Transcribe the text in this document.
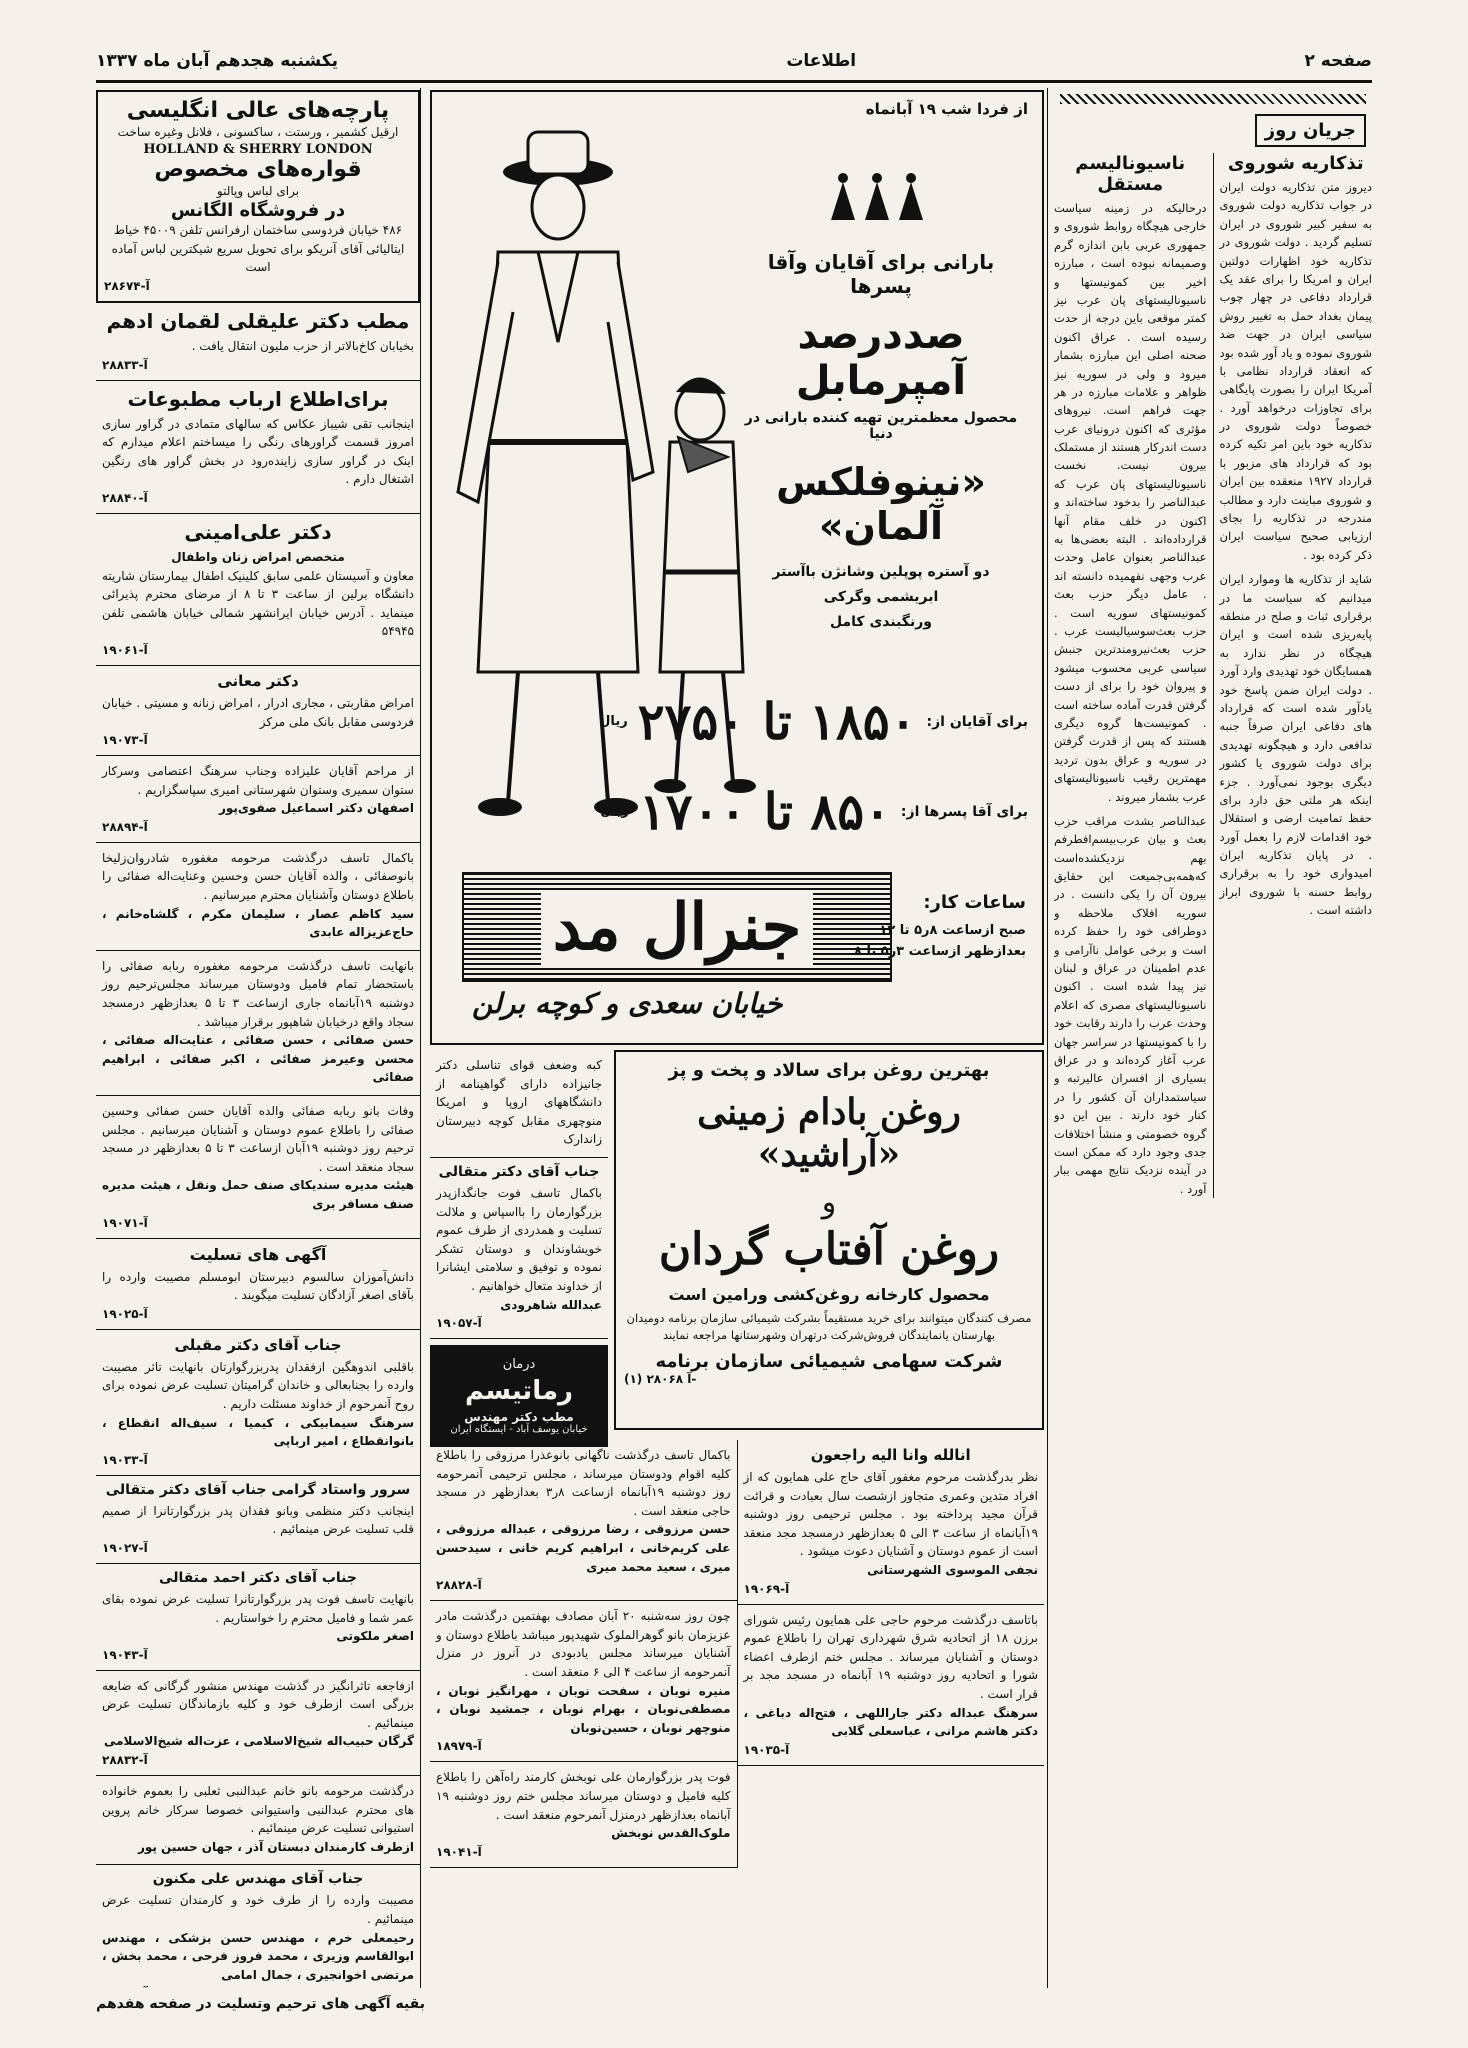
صفحه ۲
اطلاعات
یکشنبه هجدهم آبان ماه ۱۳۳۷
جریان روز
تذکاریه شوروی

دیروز متن تذکاریه دولت ایران در جواب تذکاریه دولت شوروی به سفیر کبیر شوروی در ایران تسلیم گردید . دولت شوروی در تذکاریه خود اظهارات دولتین ایران و امریکا را برای عقد یک قرارداد دفاعی در چهار چوب پیمان بغداد حمل به تغییر روش سیاسی ایران در جهت ضد شوروی نموده و یاد آور شده بود که انعقاد قرارداد نظامی با آمریکا ایران را بصورت پایگاهی برای تجاوزات درخواهد آورد . خصوصاً دولت شوروی در تذکاریه خود باین امر تکیه کرده بود که قرارداد های مزبور با قرارداد ۱۹۲۷ منعقده بین ایران و شوروی مباینت دارد و مطالب مندرجه در تذکاریه را بجای ارزیابی صحیح سیاست ایران ذکر کرده بود .

شاید از تذکاریه ها وموارد ایران میدانیم که سیاست ما در برقراری ثبات و صلح در منطقه پایه‌ریزی شده است و ایران هیچگاه در نظر ندارد به همسایگان خود تهدیدی وارد آورد . دولت ایران ضمن پاسخ خود یادآور شده است که قرارداد های دفاعی ایران صرفاً جنبه تدافعی دارد و هیچگونه تهدیدی برای دولت شوروی یا کشور دیگری بوجود نمی‌آورد . جزء اینکه هر ملتی حق دارد برای حفظ تمامیت ارضی و استقلال خود اقدامات لازم را بعمل آورد . در پایان تذکاریه ایران امیدواری خود را به برقراری روابط حسنه با شوروی ابراز داشته است .

ناسیونالیسم مستقل

درحالیکه در زمینه سیاست خارجی هیچگاه روابط شوروی و جمهوری عربی بابن اندازه گرم وصمیمانه نبوده است ، مبارزه اخیر بین کمونیستها و ناسیونالیستهای پان عرب نیز کمتر موقعی باین درجه از حدت رسیده است . عراق اکنون صحنه اصلی این مبارزه بشمار میرود و ولی در سوریه نیز ظواهر و علامات مبارزه در هر جهت فراهم است. نیروهای مؤثری که اکنون درونیای عرب دست اندرکار هستند از مستملک بیرون نیست. نخست ناسیونالیستهای پان عرب که عبدالناصر را بدخود ساخته‌اند و اکنون در خلف مقام آنها قرارداده‌اند . البته بعضی‌ها به عبدالناصر بعنوان عامل وحدت عرب وجهی نفهمیده دانسته اند . عامل دیگر حزب بعث کمونیستهای سوریه است . حزب بعث‌سوسیالیست عرب . حزب بعث‌نیرومندترین جنبش سیاسی عربی محسوب میشود و پیروان خود را برای از دست گرفتن قدرت آماده ساخته است . کمونیست‌ها گروه دیگری هستند که پس از قدرت گرفتن در سوریه و عراق بدون تردید مهمترین رقیب ناسیونالیستهای عرب بشمار میروند .

عبدالناصر بشدت مراقب حزب بعث و بیان عرب‌بیسم‌افطرفم بهم نزدیکشده‌است که‌‌همه‌بی‌جمیعت این حقایق بیرون آن را یکی دانست . در سوریه افلاک ملاحظه و دوطرافی خود را حفظ‌ کرده است و برخی عوامل ناآرامی و عدم اطمینان در عراق و لبنان نیز پیدا شده است . اکنون ناسیونالیستهای مصری که اعلام وحدت عرب را دارند رقابت خود را با کمونیستها در سراسر جهان عرب آغاز کرده‌اند و در عراق بسیاری از افسران عالیرتبه و سیاستمداران آن کشور را در کنار خود دارند . بین این دو گروه خصومتی و منشأ اختلافات جدی وجود دارد که ممکن است در آینده نزدیک نتایج مهمی ببار آورد .

از فردا شب ۱۹ آبانماه
بارانی برای آقایان وآقا پسرها
صددرصد آمپرمابل
محصول معظمترین تهیه کننده بارانی در دنیا
«نینوفلکس آلمان»
دو آستره پوپلین وشانژن باآستر
ابریشمی وگرکی
ورنگبندی کامل
برای آقایان از:
۱۸۵۰ تا ۲۷۵۰
ریال
برای آقا پسرها از:
۸۵۰ تا ۱۷۰۰
ریال
جنرال مد
خیابان سعدی و کوچه برلن
ساعات کار:

صبح ازساعت ۸ر۵ تا ۱۲

بعدازظهر ازساعت ۳ر۵ تا ۸

بهترین روغن برای سالاد و پخت و پز
روغن بادام زمینی «آراشید»
و
روغن آفتاب گردان
محصول کارخانه روغن‌کشی ورامین است
مصرف کنندگان میتوانند برای خرید مستقیماً بشرکت شیمیائی سازمان برنامه دومیدان بهارستان یانمایندگان فروش‌شرکت درتهران وشهرستانها مراجعه نمایند
شرکت سهامی شیمیائی سازمان برنامه
(۱) ۲۸۰۶۸ آ-

کبه وضعف قوای تناسلی دکتر جانیزاده دارای گواهینامه از دانشگاههای اروپا و امریکا منوچهری مقابل کوچه دبیرستان زاندارک

جناب آقای دکتر متقالی

باکمال تاسف فوت جانگدازپدر بزرگوارمان را بااسپاس و ملالت تسلیت و همدردی از طرف عموم خویشاوندان و دوستان تشکر نموده و توفیق و سلامتی ایشانرا از خداوند متعال خواهانیم .

عبدالله شاهرودی

آ-۱۹۰۵۷
درمان
رماتیسم
مطب دکتر مهندس
خیابان یوسف آباد - ایستگاه ایران
انالله وانا الیه راجعون

نظر بدرگذشت مرحوم مغفور آقای حاج علی همایون که از افراد متدین وعمری متجاوز ازشصت سال بعبادت و قرائت قرآن مجید پرداخته بود . مجلس ترحیمی روز دوشنبه ۱۹آبانماه از ساعت ۳ الی ۵ بعدازظهر درمسجد مجد منعقد است از عموم دوستان و آشنایان دعوت میشود .

نجفی الموسوی الشهرستانی

آ-۱۹۰۶۹

باتاسف درگذشت مرحوم حاجی علی همایون رئیس شورای برزن ۱۸ از اتحادیه شرق شهرداری تهران را باطلاع عموم دوستان و آشنایان میرساند . مجلس ختم ازطرف اعضاء شورا و اتحادیه روز دوشنبه ۱۹ آبانماه در مسجد مجد بر قرار است .

سرهنگ عبداله دکتر جاراللهی ، فتح‌اله دباغی ، دکتر هاشم مرانی ، عباسعلی گلابی

آ-۱۹۰۳۵

باکمال تاسف درگذشت ناگهانی بانوعذرا مرزوقی را باطلاع کلیه اقوام ودوستان میرساند ، مجلس ترحیمی آنمرحومه روز دوشنبه ۱۹آبانماه ازساعت ۸ر۳ بعدازظهر در مسجد حاجی منعقد است .

حسن مرزوقی ، رضا مرزوقی ، عبداله مرزوقی ، علی کریم‌خانی ، ابراهیم کریم خانی ، سیدحسن میری ، سعید محمد میری

آ-۲۸۸۲۸

چون روز سه‌شنبه ۲۰ آبان مصادف بهفتمین درگذشت مادر عزیزمان بانو گوهرالملوک شهیدپور میباشد باطلاع دوستان و آشنایان میرساند مجلس یادبودی در آنروز در منزل آنمرحومه از ساعت ۴ الی ۶ منعقد است .

منیره نوبان ، سفحت نوبان ، مهرانگیز نوبان ، مصطفی‌نوبان ، بهرام نوبان ، جمشید نوبان ، منوچهر نوبان ، حسین‌نوبان

آ-۱۸۹۷۹

فوت پدر بزرگوارمان علی نوبخش کارمند راه‌آهن را باطلاع کلیه فامیل و دوستان میرساند مجلس ختم روز دوشنبه ۱۹ آبانماه بعدازظهر درمنزل آنمرحوم منعقد است .

ملوک‌القدس نوبخش

آ-۱۹۰۴۱
پارچه‌های عالی انگلیسی

ارقیل کشمیر ، ورستت ، ساکسونی ، فلانل وغیره ساخت

HOLLAND & SHERRY LONDON
قواره‌های مخصوص

برای لباس وپالتو

در فروشگاه الگانس

۴۸۶ خیابان فردوسی ساختمان ارفرانس تلفن ۴۵۰۰۹ خیاط ایتالیائی آقای آنریکو برای تحویل سریع شیکترین لباس آماده است

آ-۲۸۶۷۴
مطب دکتر علیقلی لقمان ادهم

بخیابان کاخ‌بالاتر از حزب ملیون انتقال یافت .

آ-۲۸۸۳۳
برای‌اطلاع ارباب مطبوعات

اینجانب تقی شیباز عکاس که سالهای متمادی در گراور سازی امروز قسمت گراورهای رنگی را میساختم اعلام میدارم که اینک در گراور سازی زاینده‌رود در بخش گراور های رنگین اشتغال دارم .

آ-۲۸۸۴۰
دکتر علی‌امینی

متخصص امراض زنان واطفال

معاون و آسیستان علمی سابق کلینیک اطفال بیمارستان شاریته دانشگاه برلین از ساعت ۳ تا ۸ از مرضای محترم پذیرائی مینماید . آدرس خیابان ایرانشهر شمالی خیابان هاشمی تلفن ۵۴۹۴۵

آ-۱۹۰۶۱
دکتر معانی

امراض مقاربتی ، مجاری ادرار ، امراض زنانه و مسیتی . خیابان فردوسی مقابل بانک ملی مرکز

آ-۱۹۰۷۳

از مراحم آقایان علیزاده وجناب سرهنگ اعتصامی وسرکار ستوان سمیری وستوان شهرستانی امیری سپاسگزاریم .

اصفهان دکتر اسماعیل صفوی‌پور

آ-۲۸۸۹۴

باکمال تاسف درگذشت مرحومه مغفوره شادروان‌زلیخا بانوصفائی ، والده آقایان حسن وحسین وعنایت‌اله صفائی را باطلاع دوستان وآشنایان محترم میرسانیم .

سید کاظم عصار ، سلیمان مکرم ، گلشاه‌خانم ، حاج‌عزیزاله عابدی

بانهایت تاسف درگذشت مرحومه مغفوره ربابه صفائی را باستحضار تمام فامیل ودوستان میرساند مجلس‌ترحیم روز دوشنبه ۱۹آبانماه جاری ازساعت ۳ تا ۵ بعدازظهر درمسجد سجاد واقع درخیابان شاهپور برقرار میباشد .

حسن صفائی ، حسن صفائی ، عنایت‌اله صفائی ، محسن وعیرمز صفائی ، اکبر صفائی ، ابراهیم صفائی

وفات بانو ربابه صفائی والده آقایان حسن صفائی وحسین صفائی را باطلاع عموم دوستان و آشنایان میرسانیم . مجلس ترحیم روز دوشنبه ۱۹آبان ازساعت ۳ تا ۵ بعدازظهر در مسجد سجاد منعقد است .

هیئت مدیره سندیکای صنف حمل ونقل ، هیئت مدیره صنف مسافر بری

آ-۱۹۰۷۱
آگهی های تسلیت

دانش‌آموزان سالسوم دبیرستان ابومسلم مصیبت وارده را بآقای اصغر آزادگان تسلیت میگویند .

آ-۱۹۰۲۵
جناب آقای دکتر مقبلی

باقلبی اندوهگین ازفقدان پدربزرگوارتان بانهایت تاثر مصیبت وارده را بجنابعالی و خاندان گرامیتان تسلیت عرض نموده برای روح آنمرحوم از خداوند مسئلت داریم .

سرهنگ سیمابیکی ، کیمیا ، سیف‌اله انقطاع ، بانوانقطاع ، امیر ارباپی

آ-۱۹۰۳۳
سرور واستاد گرامی جناب آقای دکتر متقالی

اینجانب دکتر منظمی وبانو فقدان پدر بزرگوارتانرا از صمیم قلب تسلیت عرض مینمائیم .

آ-۱۹۰۲۷
جناب آقای دکتر احمد متقالی

بانهایت تاسف فوت پدر بزرگوارتانرا تسلیت عرض نموده بقای عمر شما و فامیل محترم را خواستاریم .

اصغر ملکوتی

آ-۱۹۰۴۳

ازفاجعه تاثرانگیز در گذشت مهندس منشور گرگانی که ضایعه بزرگی است ازطرف خود و کلیه بازماندگان تسلیت عرض مینمائیم .

گرگان حبیب‌اله شیخ‌الاسلامی ، عزت‌اله شیخ‌الاسلامی

آ-۲۸۸۳۲

درگذشت مرحومه بانو خانم عبدالنبی ثعلبی را بعموم خانواده های محترم عبدالنبی واستیوانی خصوصا سرکار خانم پروین استیوانی تسلیت عرض مینمائیم .

ازطرف کارمندان دبستان آذر ، جهان حسین پور

جناب آقای مهندس علی مکنون

مصیبت وارده را از طرف خود و کارمندان تسلیت عرض مینمائیم .

رحیمعلی خرم ، مهندس حسن بزشکی ، مهندس ابوالقاسم وزیری ، محمد فروز فرحی ، محمد بخش ، مرتضی اخوانجیری ، جمال امامی

بقیه آگهی های ترحیم وتسلیت در صفحه هفدهم
